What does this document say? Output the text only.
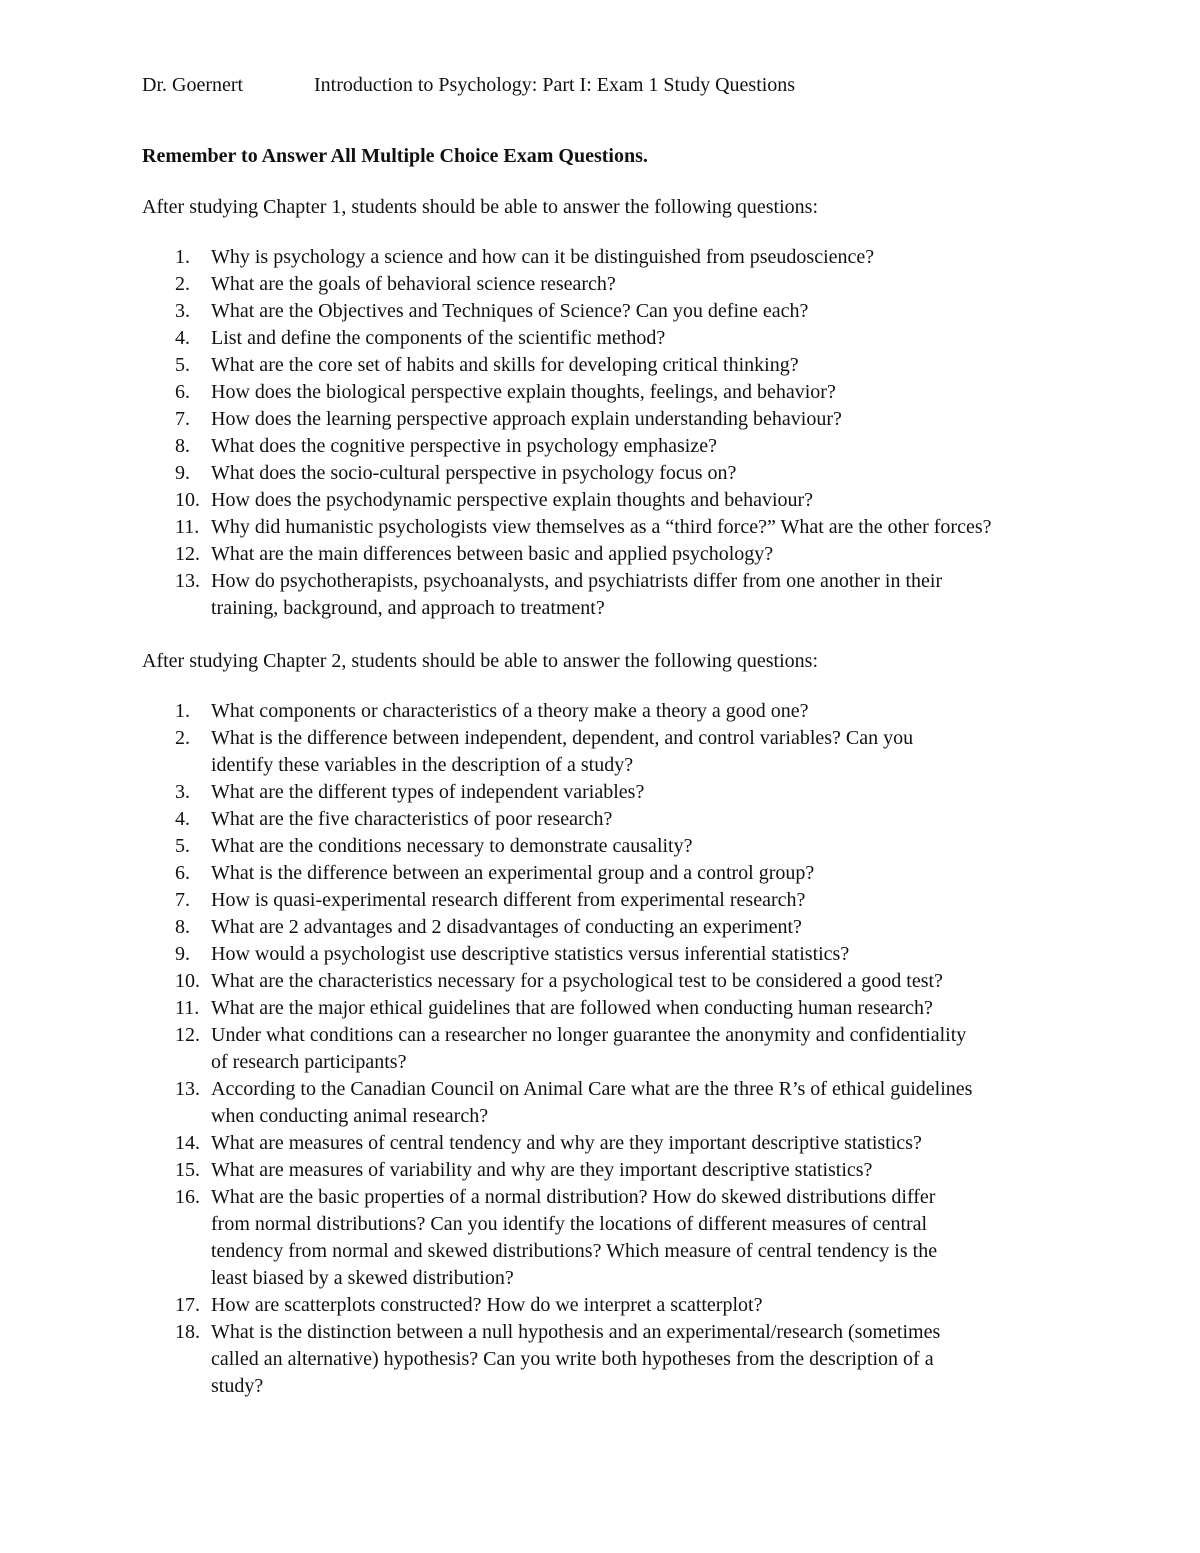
Dr. Goernert	Introduction to Psychology: Part I: Exam 1 Study Questions
Remember to Answer All Multiple Choice Exam Questions.
After studying Chapter 1, students should be able to answer the following questions:
1. Why is psychology a science and how can it be distinguished from pseudoscience?
2. What are the goals of behavioral science research?
3. What are the Objectives and Techniques of Science? Can you define each?
4. List and define the components of the scientific method?
5. What are the core set of habits and skills for developing critical thinking?
6. How does the biological perspective explain thoughts, feelings, and behavior?
7. How does the learning perspective approach explain understanding behaviour?
8. What does the cognitive perspective in psychology emphasize?
9. What does the socio-cultural perspective in psychology focus on?
10. How does the psychodynamic perspective explain thoughts and behaviour?
11. Why did humanistic psychologists view themselves as a “third force?” What are the other forces?
12. What are the main differences between basic and applied psychology?
13. How do psychotherapists, psychoanalysts, and psychiatrists differ from one another in their
training, background, and approach to treatment?
After studying Chapter 2, students should be able to answer the following questions:
1. What components or characteristics of a theory make a theory a good one?
2. What is the difference between independent, dependent, and control variables? Can you
identify these variables in the description of a study?
3. What are the different types of independent variables?
4. What are the five characteristics of poor research?
5. What are the conditions necessary to demonstrate causality?
6. What is the difference between an experimental group and a control group?
7. How is quasi-experimental research different from experimental research?
8. What are 2 advantages and 2 disadvantages of conducting an experiment?
9. How would a psychologist use descriptive statistics versus inferential statistics?
10. What are the characteristics necessary for a psychological test to be considered a good test?
11. What are the major ethical guidelines that are followed when conducting human research?
12. Under what conditions can a researcher no longer guarantee the anonymity and confidentiality
of research participants?
13. According to the Canadian Council on Animal Care what are the three R’s of ethical guidelines
when conducting animal research?
14. What are measures of central tendency and why are they important descriptive statistics?
15. What are measures of variability and why are they important descriptive statistics?
16. What are the basic properties of a normal distribution? How do skewed distributions differ
from normal distributions? Can you identify the locations of different measures of central
tendency from normal and skewed distributions? Which measure of central tendency is the
least biased by a skewed distribution?
17. How are scatterplots constructed? How do we interpret a scatterplot?
18. What is the distinction between a null hypothesis and an experimental/research (sometimes
called an alternative) hypothesis? Can you write both hypotheses from the description of a
study?
